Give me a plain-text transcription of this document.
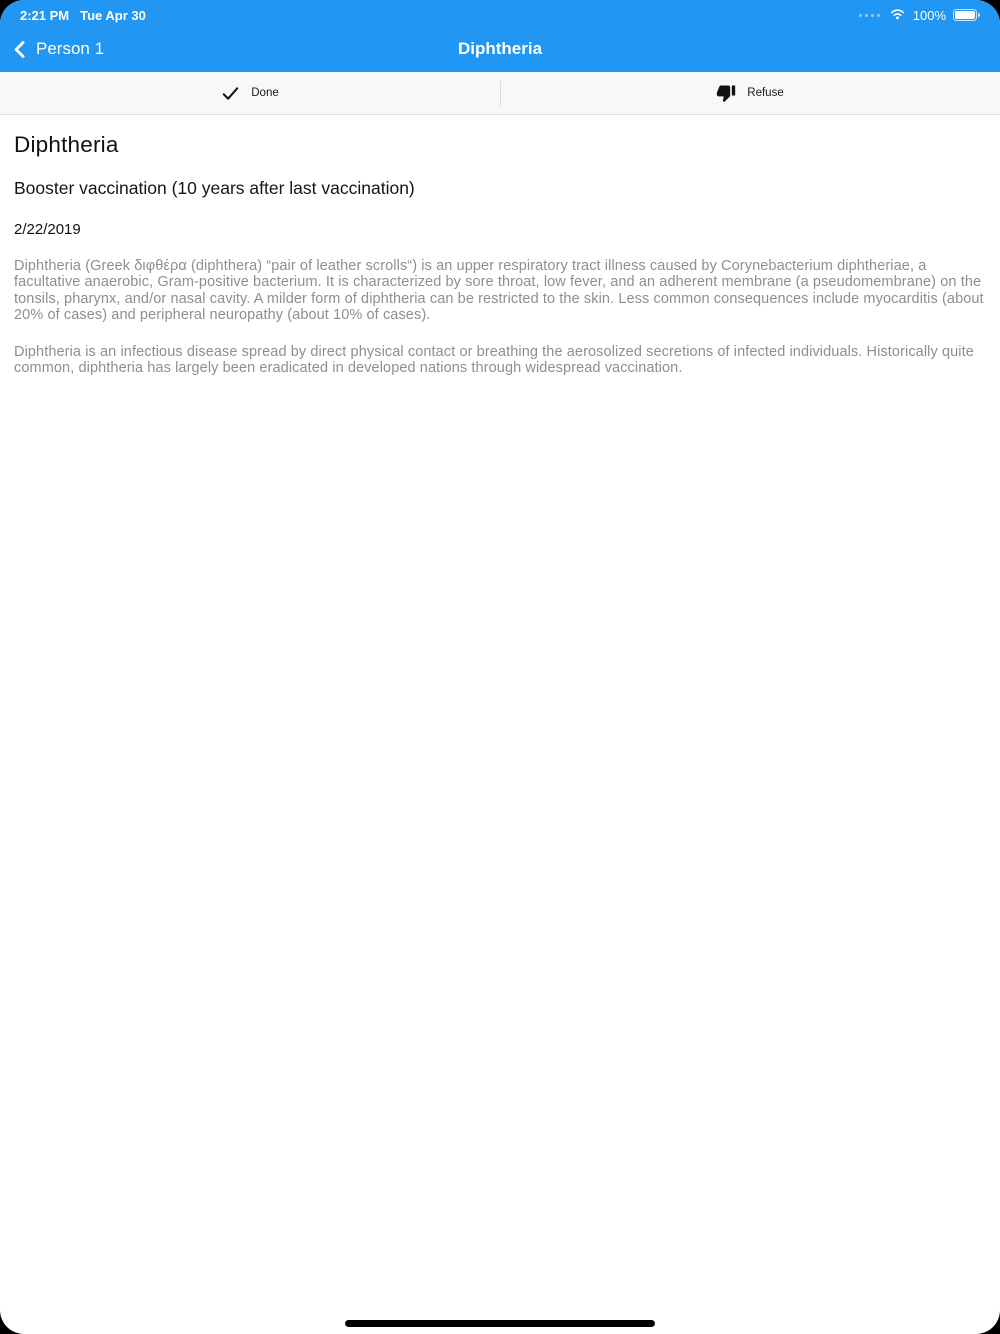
2:21 PM Tue Apr 30	100%
Person 1	Diphtheria
Done	Refuse
Diphtheria
Booster vaccination (10 years after last vaccination)
2/22/2019

Diphtheria (Greek διφθέρα (diphthera) “pair of leather scrolls“) is an upper respiratory tract illness caused by Corynebacterium diphtheriae, a facultative anaerobic, Gram-positive bacterium. It is characterized by sore throat, low fever, and an adherent membrane (a pseudomembrane) on the tonsils, pharynx, and/or nasal cavity. A milder form of diphtheria can be restricted to the skin. Less common consequences include myocarditis (about 20% of cases) and peripheral neuropathy (about 10% of cases).

Diphtheria is an infectious disease spread by direct physical contact or breathing the aerosolized secretions of infected individuals. Historically quite common, diphtheria has largely been eradicated in developed nations through widespread vaccination.
